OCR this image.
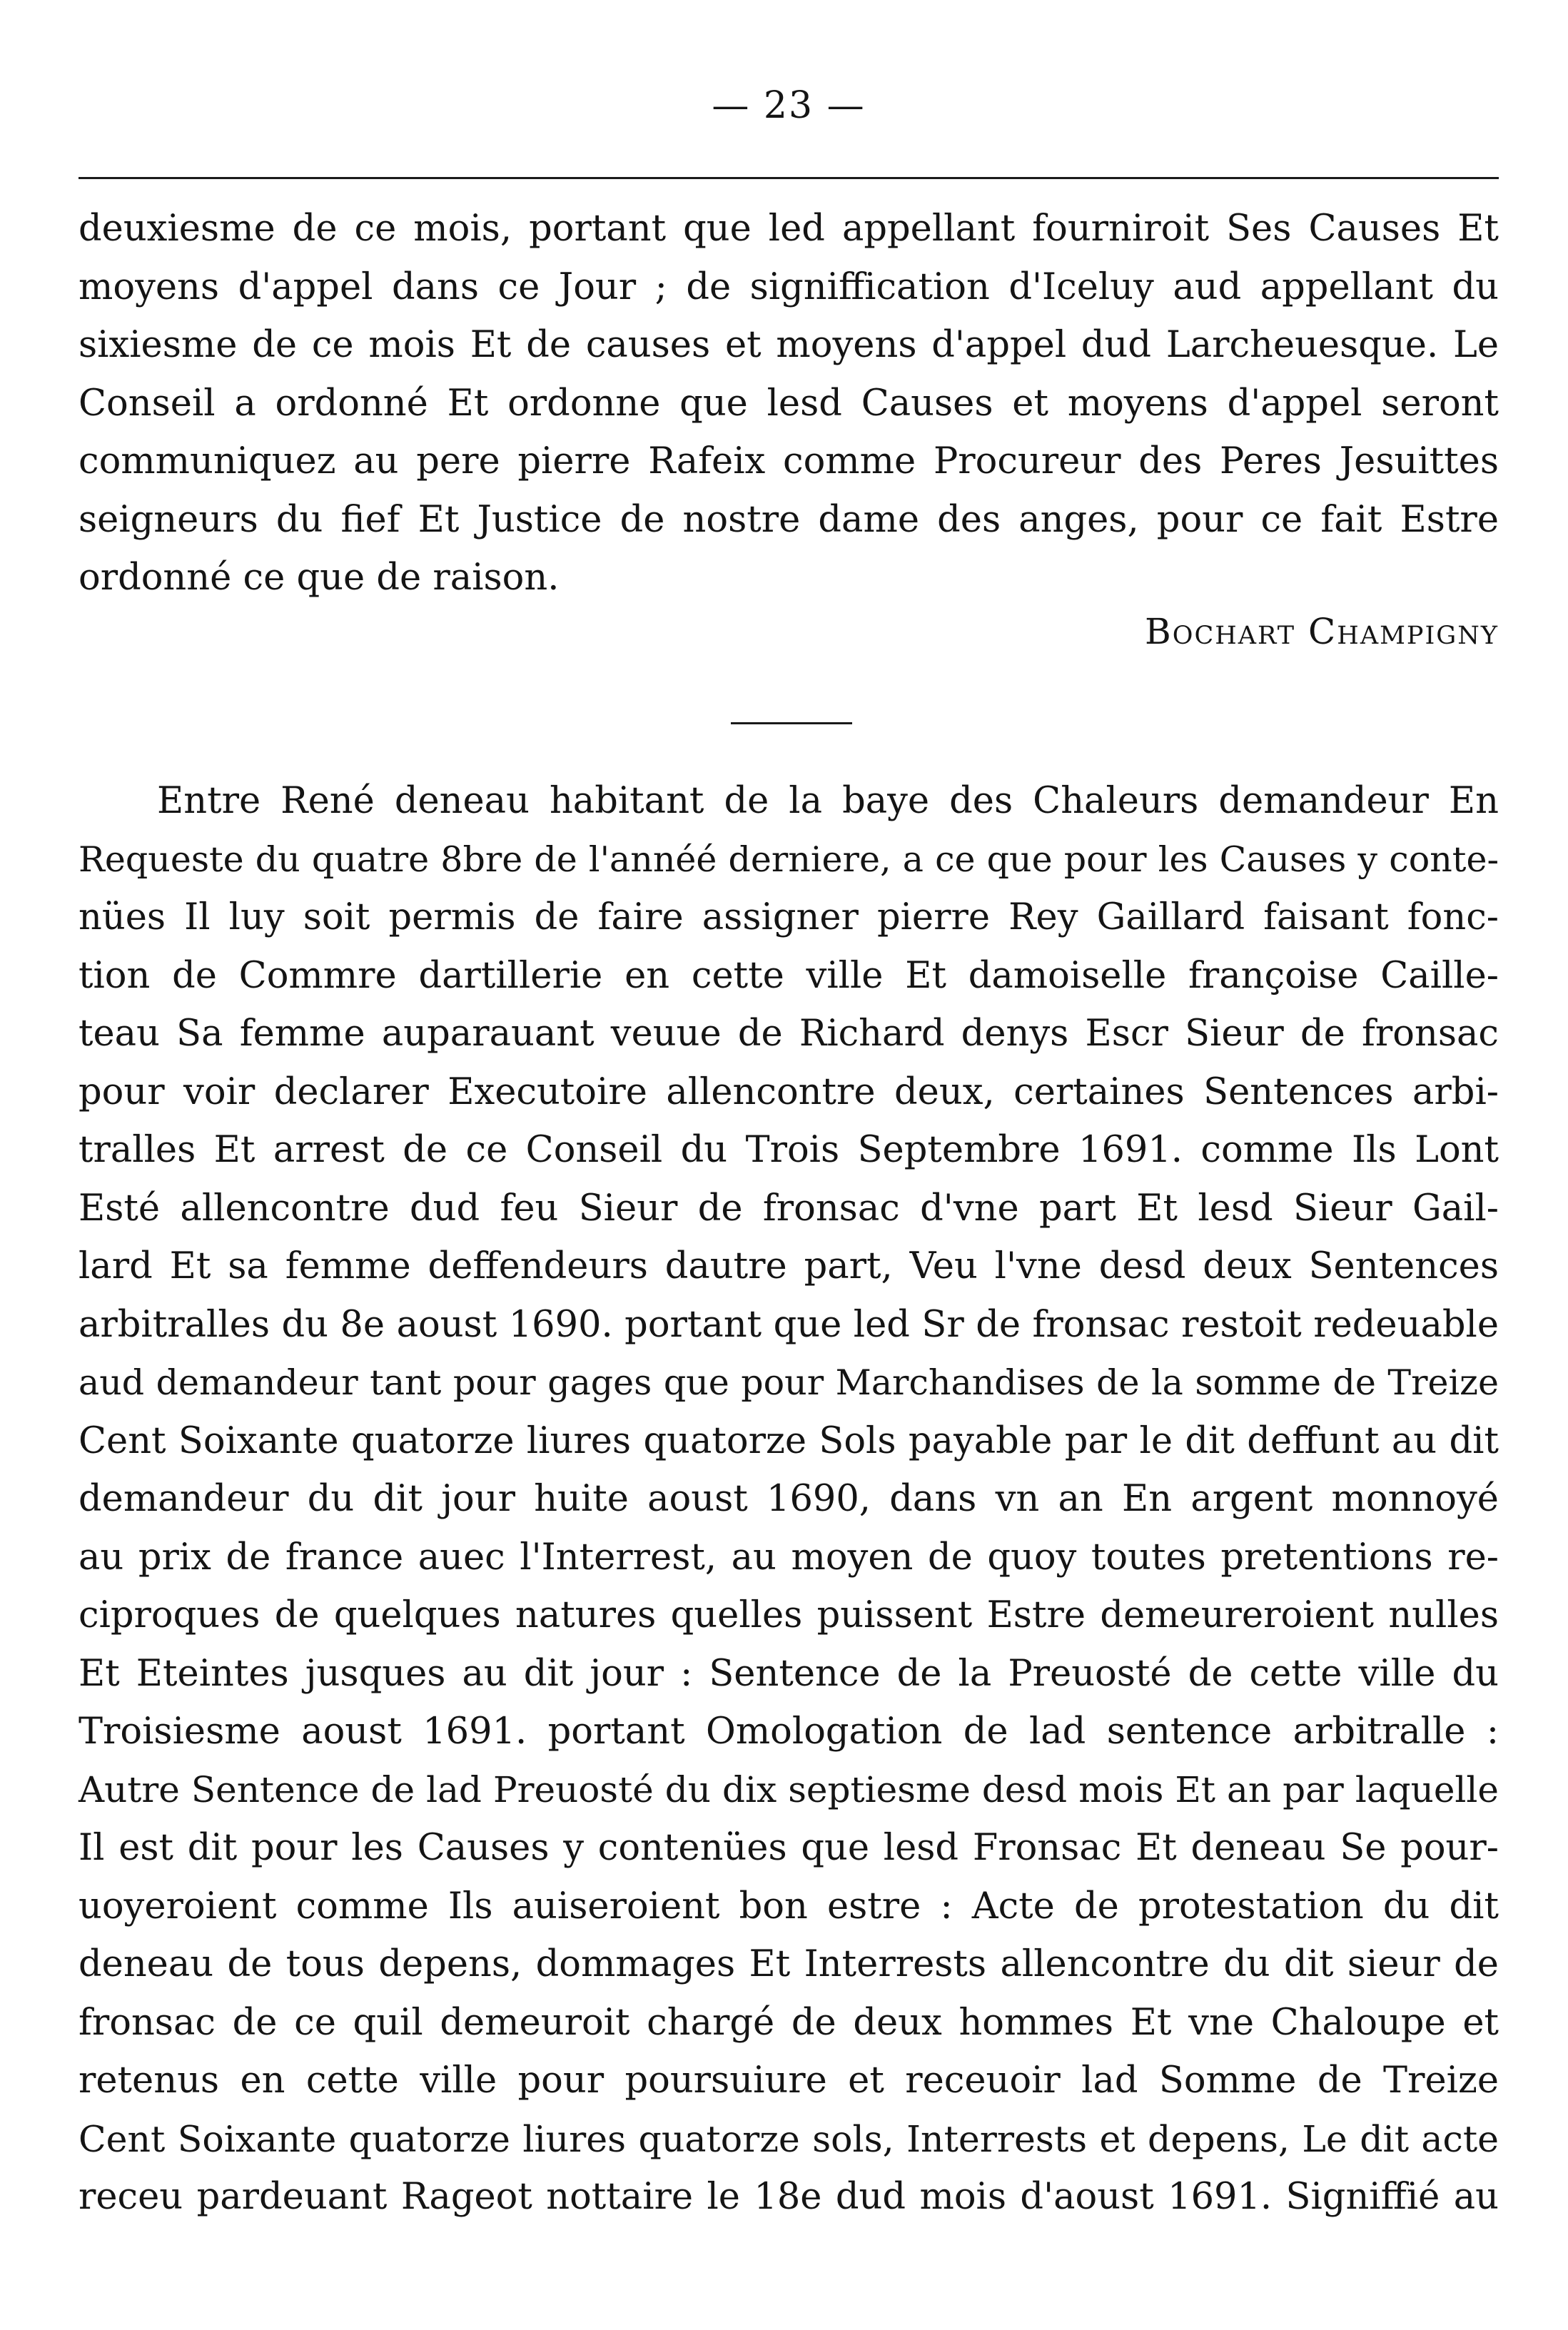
— 23 —
deuxiesme de ce mois, portant que led appellant fourniroit Ses Causes Et
moyens d'appel dans ce Jour ; de signiffication d'Iceluy aud appellant du
sixiesme de ce mois Et de causes et moyens d'appel dud Larcheuesque. Le
Conseil a ordonné Et ordonne que lesd Causes et moyens d'appel seront
communiquez au pere pierre Rafeix comme Procureur des Peres Jesuittes
seigneurs du fief Et Justice de nostre dame des anges, pour ce fait Estre
ordonné ce que de raison.
Bochart Champigny
Entre René deneau habitant de la baye des Chaleurs demandeur En
Requeste du quatre 8bre de l'annéé derniere, a ce que pour les Causes y conte-
nües Il luy soit permis de faire assigner pierre Rey Gaillard faisant fonc-
tion de Commre dartillerie en cette ville Et damoiselle françoise Caille-
teau Sa femme auparauant veuue de Richard denys Escr Sieur de fronsac
pour voir declarer Executoire allencontre deux, certaines Sentences arbi-
tralles Et arrest de ce Conseil du Trois Septembre 1691. comme Ils Lont
Esté allencontre dud feu Sieur de fronsac d'vne part Et lesd Sieur Gail-
lard Et sa femme deffendeurs dautre part, Veu l'vne desd deux Sentences
arbitralles du 8e aoust 1690. portant que led Sr de fronsac restoit redeuable
aud demandeur tant pour gages que pour Marchandises de la somme de Treize
Cent Soixante quatorze liures quatorze Sols payable par le dit deffunt au dit
demandeur du dit jour huite aoust 1690, dans vn an En argent monnoyé
au prix de france auec l'Interrest, au moyen de quoy toutes pretentions re-
ciproques de quelques natures quelles puissent Estre demeureroient nulles
Et Eteintes jusques au dit jour : Sentence de la Preuosté de cette ville du
Troisiesme aoust 1691. portant Omologation de lad sentence arbitralle :
Autre Sentence de lad Preuosté du dix septiesme desd mois Et an par laquelle
Il est dit pour les Causes y contenües que lesd Fronsac Et deneau Se pour-
uoyeroient comme Ils auiseroient bon estre : Acte de protestation du dit
deneau de tous depens, dommages Et Interrests allencontre du dit sieur de
fronsac de ce quil demeuroit chargé de deux hommes Et vne Chaloupe et
retenus en cette ville pour poursuiure et receuoir lad Somme de Treize
Cent Soixante quatorze liures quatorze sols, Interrests et depens, Le dit acte
receu pardeuant Rageot nottaire le 18e dud mois d'aoust 1691. Signiffié au
